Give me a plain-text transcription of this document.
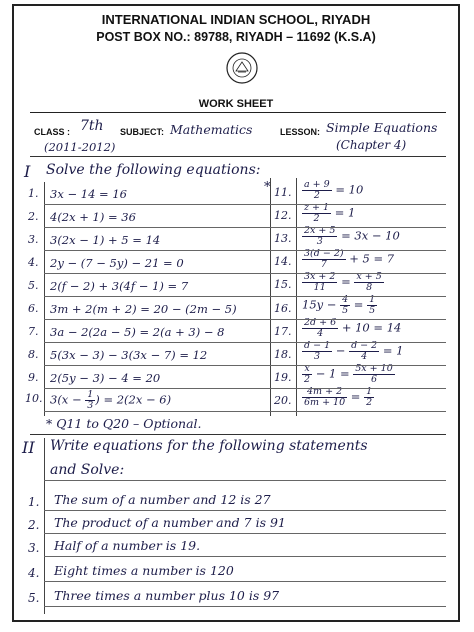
INTERNATIONAL INDIAN SCHOOL, RIYADH
POST BOX NO.: 89788, RIYADH – 11692 (K.S.A)
WORK SHEET
CLASS : 7th SUBJECT: Mathematics	LESSON: Simple Equations
(2011-2012)	(Chapter 4)
I Solve the following equations:
*
1. 3x − 14 = 16
2. 4(2x + 1) = 36
3. 3(2x − 1) + 5 = 14
4. 2y − (7 − 5y) − 21 = 0
5. 2(f − 2) + 3(4f − 1) = 7
6. 3m + 2(m + 2) = 20 − (2m − 5)
7. 3a − 2(2a − 5) = 2(a + 3) − 8
8. 5(3x − 3) − 3(3x − 7) = 12
9. 2(5y − 3) − 4 = 20
10. $3(x - \frac{1}{3}$ ) = 2(2x − 6)
11. $\frac{a + 9}{2} = 10$
12. $\frac{z + 1}{2} = 1$
13. $\frac{2x + 5}{3} = 3x - 10$
14. $\frac{3(d - 2)}{7} + 5 = 7$
15. $\frac{3x + 2}{11} = \frac{x + 5}{8}$
16. $15y - \frac{4}{5} = \frac{1}{5}$
17. $\frac{2d + 6}{4} + 10 = 14$
18. $\frac{d - 1}{3} - \frac{d - 2}{4} = 1$
19. $\frac{x}{2} - 1 = \frac{5x + 10}{6}$
20. $\frac{4m + 2}{6m + 10} = \frac{1}{2}$
* Q11 to Q20 – Optional.
II Write equations for the following statements
and Solve:
1. The sum of a number and 12 is 27
2. The product of a number and 7 is 91
3. Half of a number is 19.
4. Eight times a number is 120
5. Three times a number plus 10 is 97
